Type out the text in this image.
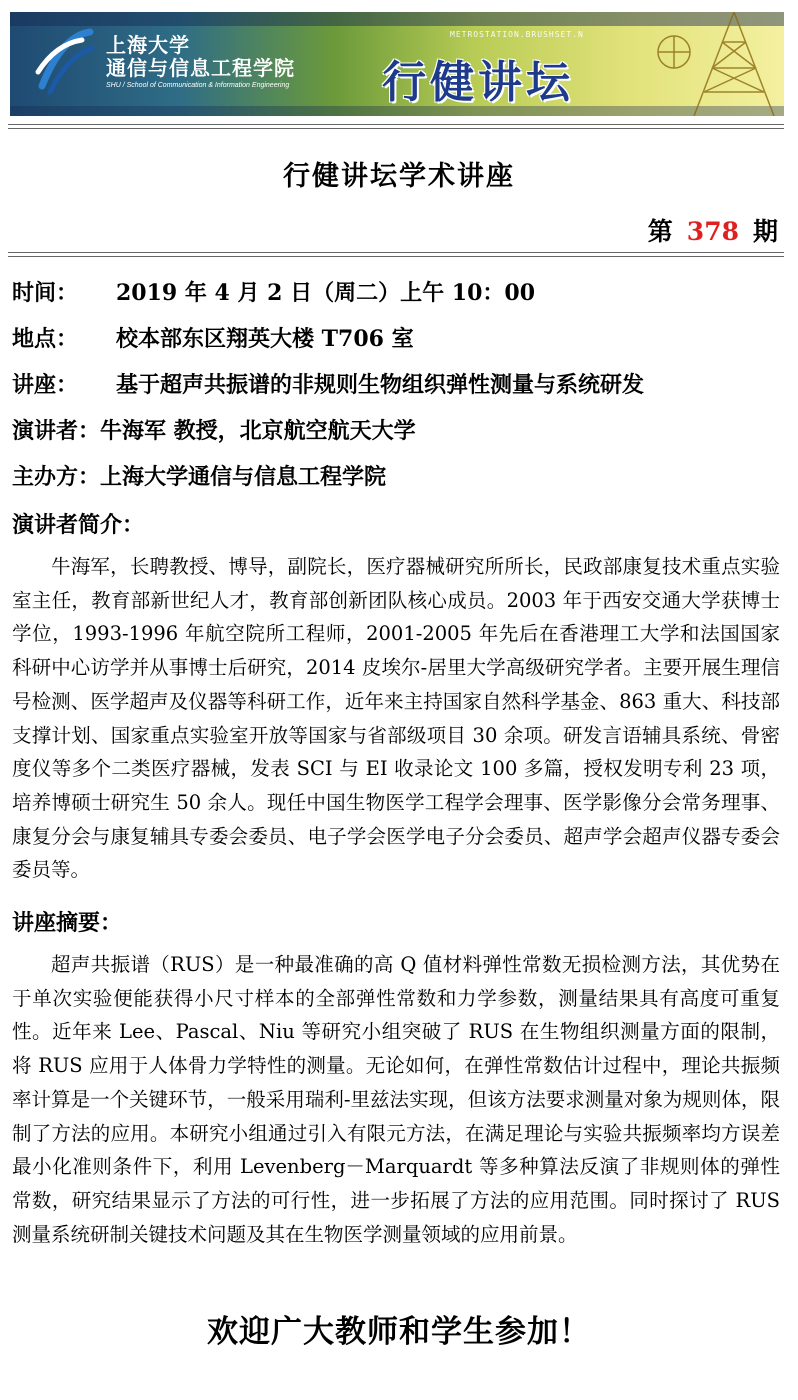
上海大学
通信与信息工程学院
SHU / School of Communication & Information Engineering
METROSTATION.BRUSHSET.N
行健讲坛
行健讲坛学术讲座
第 378 期
时间： 2019 年 4 月 2 日（周二）上午 10：00
地点： 校本部东区翔英大楼 T706 室
讲座： 基于超声共振谱的非规则生物组织弹性测量与系统研发
演讲者：牛海军 教授，北京航空航天大学
主办方：上海大学通信与信息工程学院
演讲者简介：
牛海军，长聘教授、博导，副院长，医疗器械研究所所长，民政部康复技术重点实验室主任，教育部新世纪人才，教育部创新团队核心成员。2003 年于西安交通大学获博士学位，1993-1996 年航空院所工程师，2001-2005 年先后在香港理工大学和法国国家科研中心访学并从事博士后研究，2014 皮埃尔-居里大学高级研究学者。主要开展生理信号检测、医学超声及仪器等科研工作，近年来主持国家自然科学基金、863 重大、科技部支撑计划、国家重点实验室开放等国家与省部级项目 30 余项。研发言语辅具系统、骨密度仪等多个二类医疗器械，发表 SCI 与 EI 收录论文 100 多篇，授权发明专利 23 项，培养博硕士研究生 50 余人。现任中国生物医学工程学会理事、医学影像分会常务理事、康复分会与康复辅具专委会委员、电子学会医学电子分会委员、超声学会超声仪器专委会委员等。
讲座摘要：
超声共振谱（RUS）是一种最准确的高 Q 值材料弹性常数无损检测方法，其优势在于单次实验便能获得小尺寸样本的全部弹性常数和力学参数，测量结果具有高度可重复性。近年来 Lee、Pascal、Niu 等研究小组突破了 RUS 在生物组织测量方面的限制，将 RUS 应用于人体骨力学特性的测量。无论如何，在弹性常数估计过程中，理论共振频率计算是一个关键环节，一般采用瑞利-里兹法实现，但该方法要求测量对象为规则体，限制了方法的应用。本研究小组通过引入有限元方法，在满足理论与实验共振频率均方误差最小化准则条件下，利用 Levenberg－Marquardt 等多种算法反演了非规则体的弹性常数，研究结果显示了方法的可行性，进一步拓展了方法的应用范围。同时探讨了 RUS 测量系统研制关键技术问题及其在生物医学测量领域的应用前景。
欢迎广大教师和学生参加！
